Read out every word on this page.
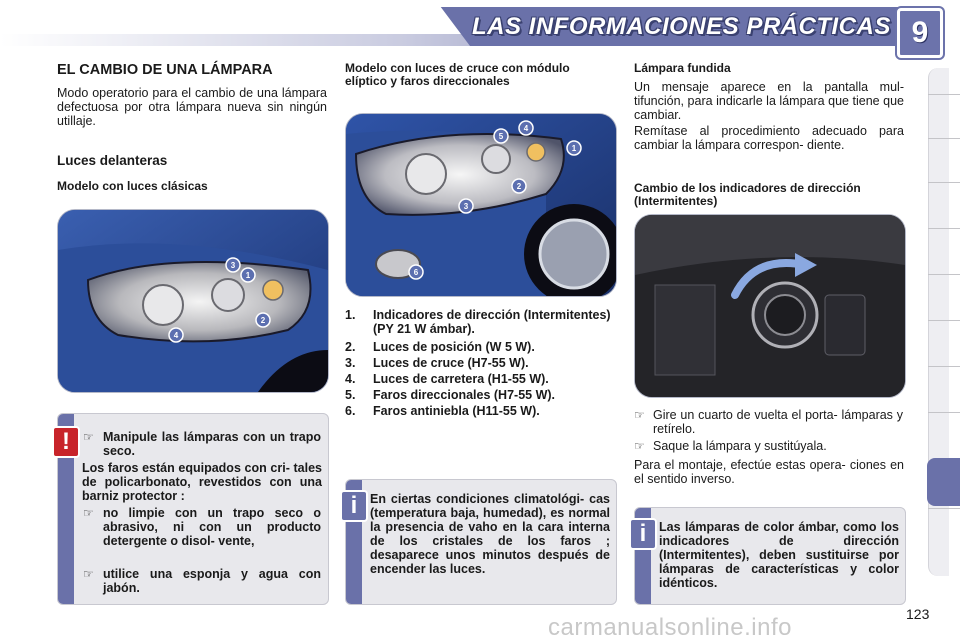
LAS INFORMACIONES PRÁCTICAS 9
EL CAMBIO DE UNA LÁMPARA
Modo operatorio para el cambio de una lámpara defectuosa por otra lámpara nueva sin ningún utillaje.
Luces delanteras
Modelo con luces clásicas
3
1
2
4
!	☞ Manipule las lámparas con un trapo seco.
Los faros están equipados con cri- tales de policarbonato, revestidos con una barniz protector :
☞ no limpie con un trapo seco o abrasivo, ni con un producto detergente o disol- vente,
☞ utilice una esponja y agua con jabón.
Modelo con luces de cruce con módulo elíptico y faros direccionales
4
5
1
2
3
6
1. Indicadores de dirección (Intermitentes) (PY 21 W ámbar).
2. Luces de posición (W 5 W).
3. Luces de cruce (H7-55 W).
4. Luces de carretera (H1-55 W).
5. Faros direccionales (H7-55 W).
6. Faros antiniebla (H11-55 W).
i	En ciertas condiciones climatológi- cas (temperatura baja, humedad), es normal la presencia de vaho en la cara interna de los cristales de los faros ; desaparece unos minutos después de encender las luces.
Lámpara fundida
Un mensaje aparece en la pantalla mul- tifunción, para indicarle la lámpara que tiene que cambiar.
Remítase al procedimiento adecuado para cambiar la lámpara correspon- diente.
Cambio de los indicadores de dirección (Intermitentes)
☞ Gire un cuarto de vuelta el porta- lámparas y retírelo.
☞ Saque la lámpara y sustitúyala.
Para el montaje, efectúe estas opera- ciones en el sentido inverso.
i	Las lámparas de color ámbar, como los indicadores de dirección (Intermitentes), deben sustituirse por lámparas de características y color idénticos.
123
carmanualsonline.info
